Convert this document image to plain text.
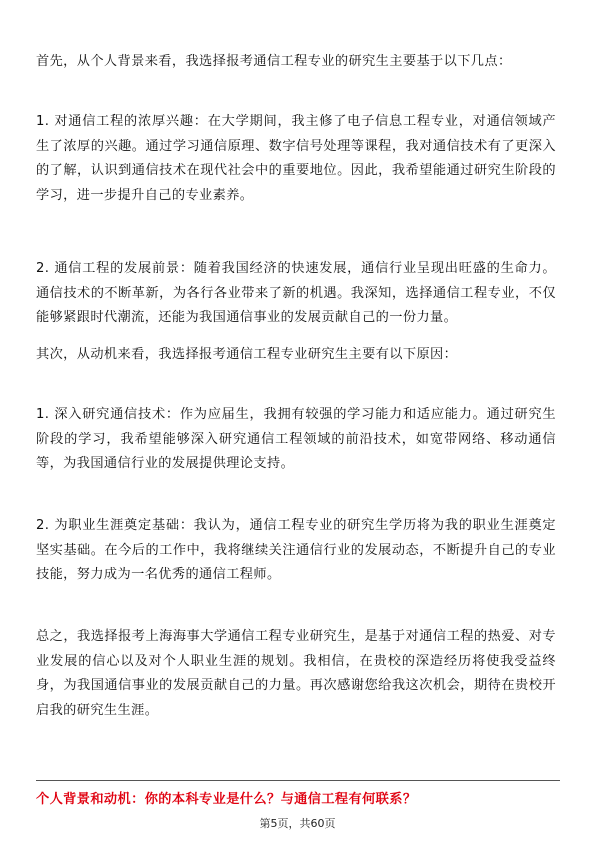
首先，从个人背景来看，我选择报考通信工程专业的研究生主要基于以下几点：

1. 对通信工程的浓厚兴趣：在大学期间，我主修了电子信息工程专业，对通信领域产生了浓厚的兴趣。通过学习通信原理、数字信号处理等课程，我对通信技术有了更深入的了解，认识到通信技术在现代社会中的重要地位。因此，我希望能通过研究生阶段的学习，进一步提升自己的专业素养。

2. 通信工程的发展前景：随着我国经济的快速发展，通信行业呈现出旺盛的生命力。通信技术的不断革新，为各行各业带来了新的机遇。我深知，选择通信工程专业，不仅能够紧跟时代潮流，还能为我国通信事业的发展贡献自己的一份力量。

其次，从动机来看，我选择报考通信工程专业研究生主要有以下原因：

1. 深入研究通信技术：作为应届生，我拥有较强的学习能力和适应能力。通过研究生阶段的学习，我希望能够深入研究通信工程领域的前沿技术，如宽带网络、移动通信等，为我国通信行业的发展提供理论支持。

2. 为职业生涯奠定基础：我认为，通信工程专业的研究生学历将为我的职业生涯奠定坚实基础。在今后的工作中，我将继续关注通信行业的发展动态，不断提升自己的专业技能，努力成为一名优秀的通信工程师。

总之，我选择报考上海海事大学通信工程专业研究生，是基于对通信工程的热爱、对专业发展的信心以及对个人职业生涯的规划。我相信，在贵校的深造经历将使我受益终身，为我国通信事业的发展贡献自己的力量。再次感谢您给我这次机会，期待在贵校开启我的研究生生涯。

个人背景和动机：你的本科专业是什么？与通信工程有何联系？

第5页，共60页
